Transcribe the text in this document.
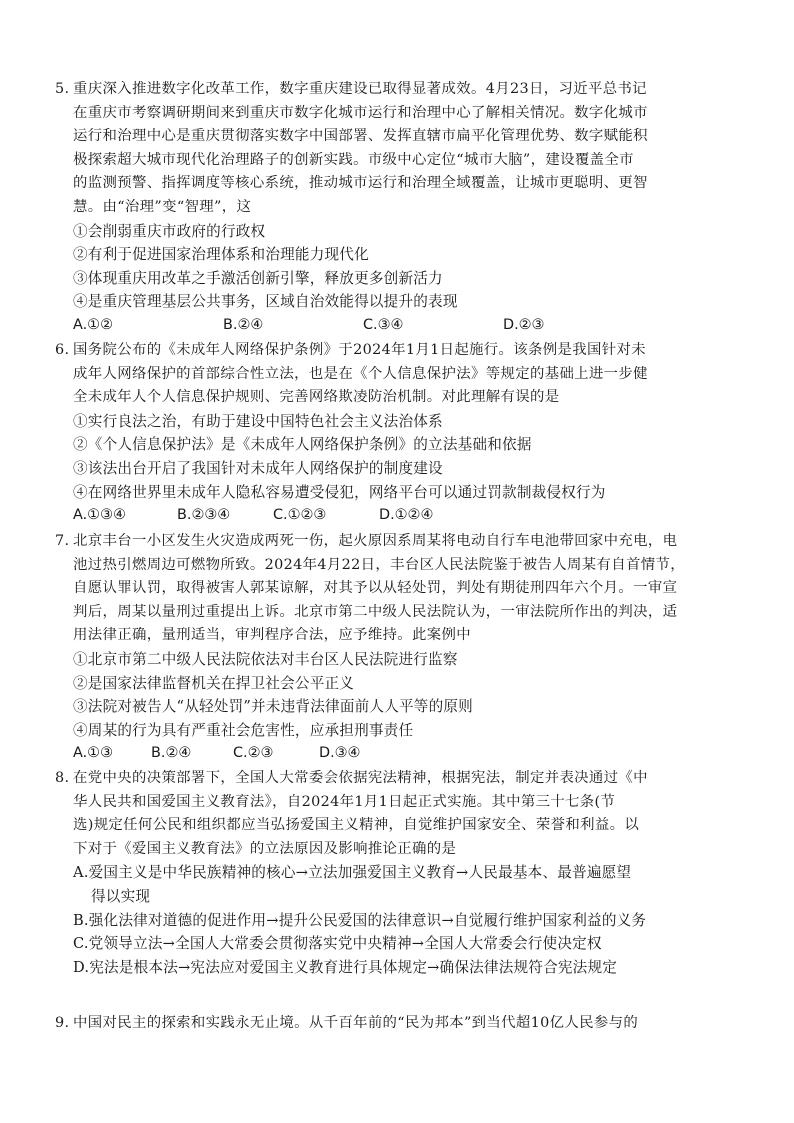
5. 重庆深入推进数字化改革工作，数字重庆建设已取得显著成效。4月23日，习近平总书记
在重庆市考察调研期间来到重庆市数字化城市运行和治理中心了解相关情况。数字化城市
运行和治理中心是重庆贯彻落实数字中国部署、发挥直辖市扁平化管理优势、数字赋能积
极探索超大城市现代化治理路子的创新实践。市级中心定位“城市大脑”，建设覆盖全市
的监测预警、指挥调度等核心系统，推动城市运行和治理全域覆盖，让城市更聪明、更智
慧。由“治理”变“智理”，这

①会削弱重庆市政府的行政权

②有利于促进国家治理体系和治理能力现代化

③体现重庆用改革之手激活创新引擎，释放更多创新活力

④是重庆管理基层公共事务，区域自治效能得以提升的表现

A.①②	B.②④	C.③④	D.②③
6. 国务院公布的《未成年人网络保护条例》于2024年1月1日起施行。该条例是我国针对未
成年人网络保护的首部综合性立法，也是在《个人信息保护法》等规定的基础上进一步健
全未成年人个人信息保护规则、完善网络欺凌防治机制。对此理解有误的是

①实行良法之治，有助于建设中国特色社会主义法治体系

②《个人信息保护法》是《未成年人网络保护条例》的立法基础和依据

③该法出台开启了我国针对未成年人网络保护的制度建设

④在网络世界里未成年人隐私容易遭受侵犯，网络平台可以通过罚款制裁侵权行为

A.①③④	B.②③④	C.①②③	D.①②④
7. 北京丰台一小区发生火灾造成两死一伤，起火原因系周某将电动自行车电池带回家中充电，电
池过热引燃周边可燃物所致。2024年4月22日，丰台区人民法院鉴于被告人周某有自首情节，
自愿认罪认罚，取得被害人郭某谅解，对其予以从轻处罚，判处有期徒刑四年六个月。一审宣
判后，周某以量刑过重提出上诉。北京市第二中级人民法院认为，一审法院所作出的判决，适
用法律正确，量刑适当，审判程序合法，应予维持。此案例中

①北京市第二中级人民法院依法对丰台区人民法院进行监察

②是国家法律监督机关在捍卫社会公平正义

③法院对被告人“从轻处罚”并未违背法律面前人人平等的原则

④周某的行为具有严重社会危害性，应承担刑事责任

A.①③	B.②④	C.②③	D.③④
8. 在党中央的决策部署下，全国人大常委会依据宪法精神，根据宪法，制定并表决通过《中
华人民共和国爱国主义教育法》，自2024年1月1日起正式实施。其中第三十七条(节
选)规定任何公民和组织都应当弘扬爱国主义精神，自觉维护国家安全、荣誉和利益。以
下对于《爱国主义教育法》的立法原因及影响推论正确的是
A.爱国主义是中华民族精神的核心→立法加强爱国主义教育→人民最基本、最普遍愿望
得以实现
B.强化法律对道德的促进作用→提升公民爱国的法律意识→自觉履行维护国家利益的义务
C.党领导立法→全国人大常委会贯彻落实党中央精神→全国人大常委会行使决定权
D.宪法是根本法→宪法应对爱国主义教育进行具体规定→确保法律法规符合宪法规定
9. 中国对民主的探索和实践永无止境。从千百年前的“民为邦本”到当代超10亿人民参与的
